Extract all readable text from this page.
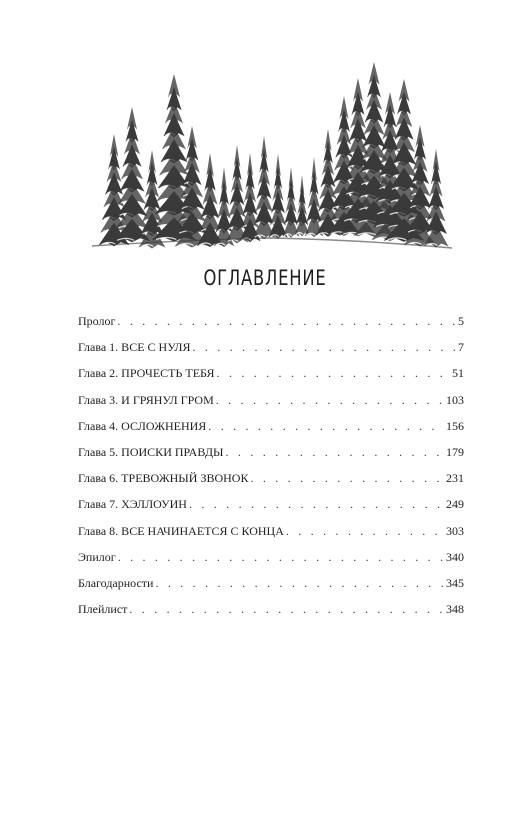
ОГЛАВЛЕНИЕ
Пролог . . .	5
Глава 1. ВСЕ С НУЛЯ . . .	7
Глава 2. ПРОЧЕСТЬ ТЕБЯ . . .	51
Глава 3. И ГРЯНУЛ ГРОМ . . .	103
Глава 4. ОСЛОЖНЕНИЯ . . .	156
Глава 5. ПОИСКИ ПРАВДЫ . . .	179
Глава 6. ТРЕВОЖНЫЙ ЗВОНОК . . .	231
Глава 7. ХЭЛЛОУИН . . .	249
Глава 8. ВСЕ НАЧИНАЕТСЯ С КОНЦА . . .	303
Эпилог . . .	340
Благодарности . . .	345
Плейлист . . .	348
